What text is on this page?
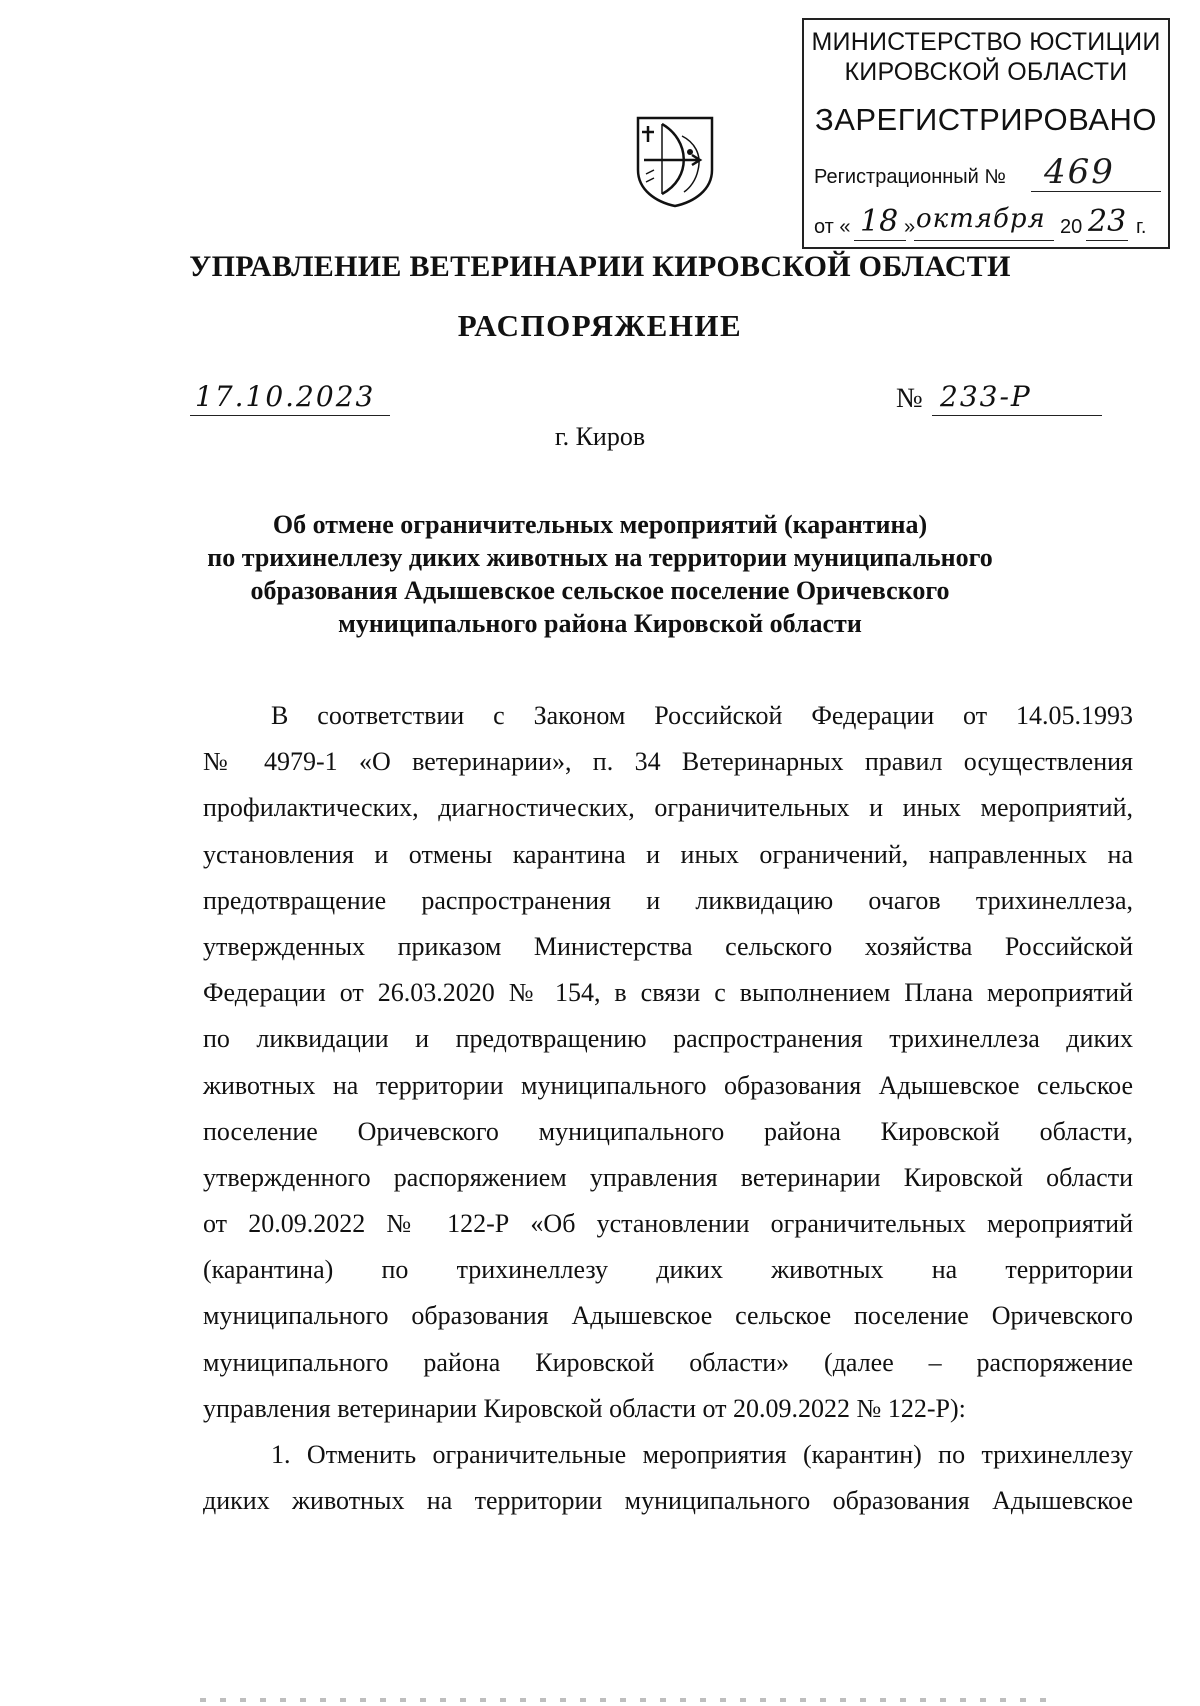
МИНИСТЕРСТВО ЮСТИЦИИ
КИРОВСКОЙ ОБЛАСТИ
ЗАРЕГИСТРИРОВАНО
Регистрационный № 469
от « 18 » октября 20 23 г.
УПРАВЛЕНИЕ ВЕТЕРИНАРИИ КИРОВСКОЙ ОБЛАСТИ
РАСПОРЯЖЕНИЕ
17.10.2023	№ 233-Р
г. Киров
Об отмене ограничительных мероприятий (карантина)
по трихинеллезу диких животных на территории муниципального
образования Адышевское сельское поселение Оричевского
муниципального района Кировской области
В соответствии с Законом Российской Федерации от 14.05.1993
№ 4979-1 «О ветеринарии», п. 34 Ветеринарных правил осуществления
профилактических, диагностических, ограничительных и иных мероприятий,
установления и отмены карантина и иных ограничений, направленных на
предотвращение распространения и ликвидацию очагов трихинеллеза,
утвержденных приказом Министерства сельского хозяйства Российской
Федерации от 26.03.2020 № 154, в связи с выполнением Плана мероприятий
по ликвидации и предотвращению распространения трихинеллеза диких
животных на территории муниципального образования Адышевское сельское
поселение Оричевского муниципального района Кировской области,
утвержденного распоряжением управления ветеринарии Кировской области
от 20.09.2022 № 122-Р «Об установлении ограничительных мероприятий
(карантина) по трихинеллезу диких животных на территории
муниципального образования Адышевское сельское поселение Оричевского
муниципального района Кировской области» (далее – распоряжение
управления ветеринарии Кировской области от 20.09.2022 № 122-Р):
1. Отменить ограничительные мероприятия (карантин) по трихинеллезу
диких животных на территории муниципального образования Адышевское
